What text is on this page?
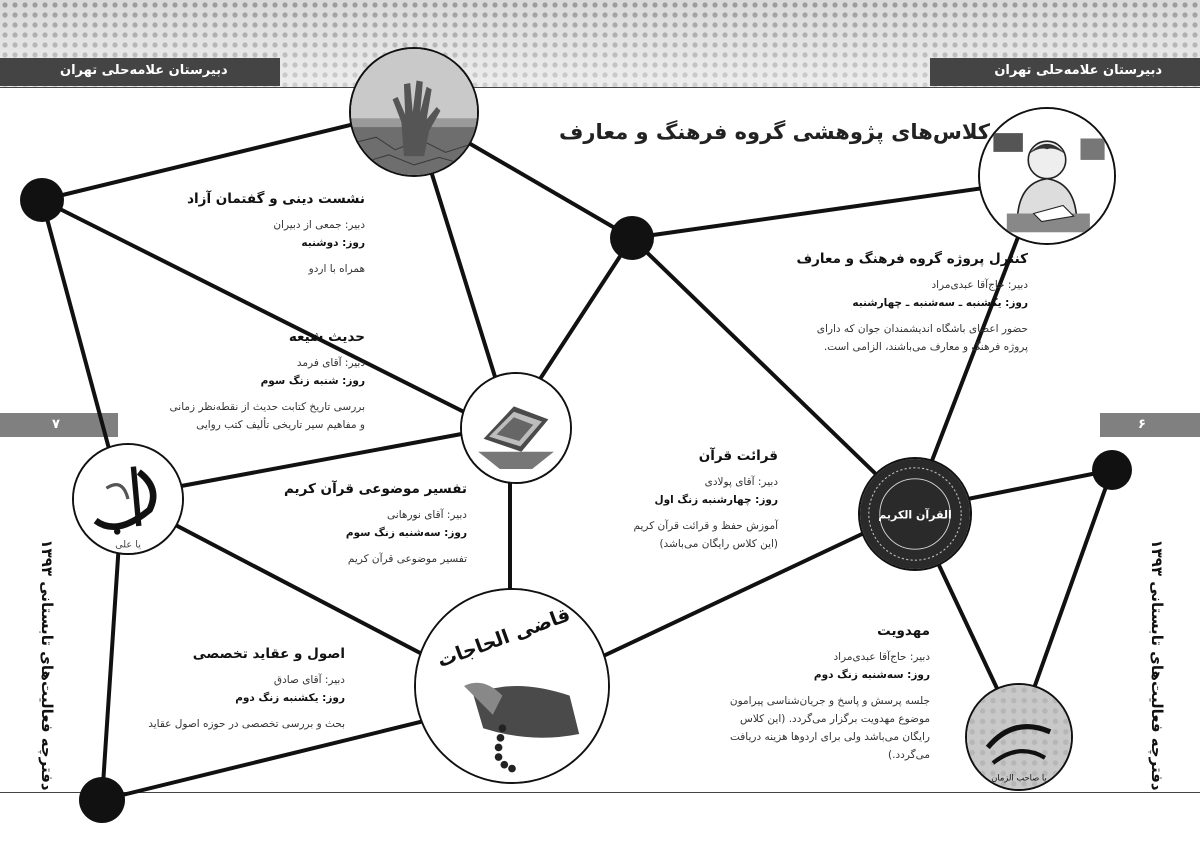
دبیرستان علامه‌حلی تهران	دبیرستان علامه‌حلی تهران
۷	۶
دفترچه فعالیت‌های تابستانی ۱۳۹۳
دفترچه فعالیت‌های تابستانی ۱۳۹۳
یا علی
یا قاضی الحاجات
القرآن الکریم
یا صاحب الزمان
کلاس‌های پژوهشی گروه فرهنگ و معارف
نشست دینی و گفتمان آزاد
دبیر: جمعی از دبیران
روز: دوشنبه
همراه با اردو
حدیث شیعه
دبیر: آقای فرمد
روز: شنبه زنگ سوم
بررسی تاریخ کتابت حدیث از نقطه‌نظر زمانی
و مفاهیم سیر تاریخی تألیف کتب روایی
تفسیر موضوعی قرآن کریم
دبیر: آقای نورهانی
روز: سه‌شنبه زنگ سوم
تفسیر موضوعی قرآن کریم
اصول و عقاید تخصصی
دبیر: آقای صادق
روز: یکشنبه زنگ دوم
بحث و بررسی تخصصی در حوزه اصول عقاید
کنترل پروژه گروه فرهنگ و معارف
دبیر: حاج‌آقا عبدی‌مراد
روز: یکشنبه ـ سه‌شنبه ـ چهارشنبه
حضور اعضای باشگاه اندیشمندان جوان که دارای
پروژه فرهنگ و معارف می‌باشند، الزامی است.
قرائت قرآن
دبیر: آقای پولادی
روز: چهارشنبه زنگ اول
آموزش حفظ و قرائت قرآن کریم
(این کلاس رایگان می‌باشد)
مهدویت
دبیر: حاج‌آقا عبدی‌مراد
روز: سه‌شنبه زنگ دوم
جلسه پرسش و پاسخ و جریان‌شناسی پیرامون
موضوع مهدویت برگزار می‌گردد. (این کلاس
رایگان می‌باشد ولی برای اردوها هزینه دریافت
می‌گردد.)
